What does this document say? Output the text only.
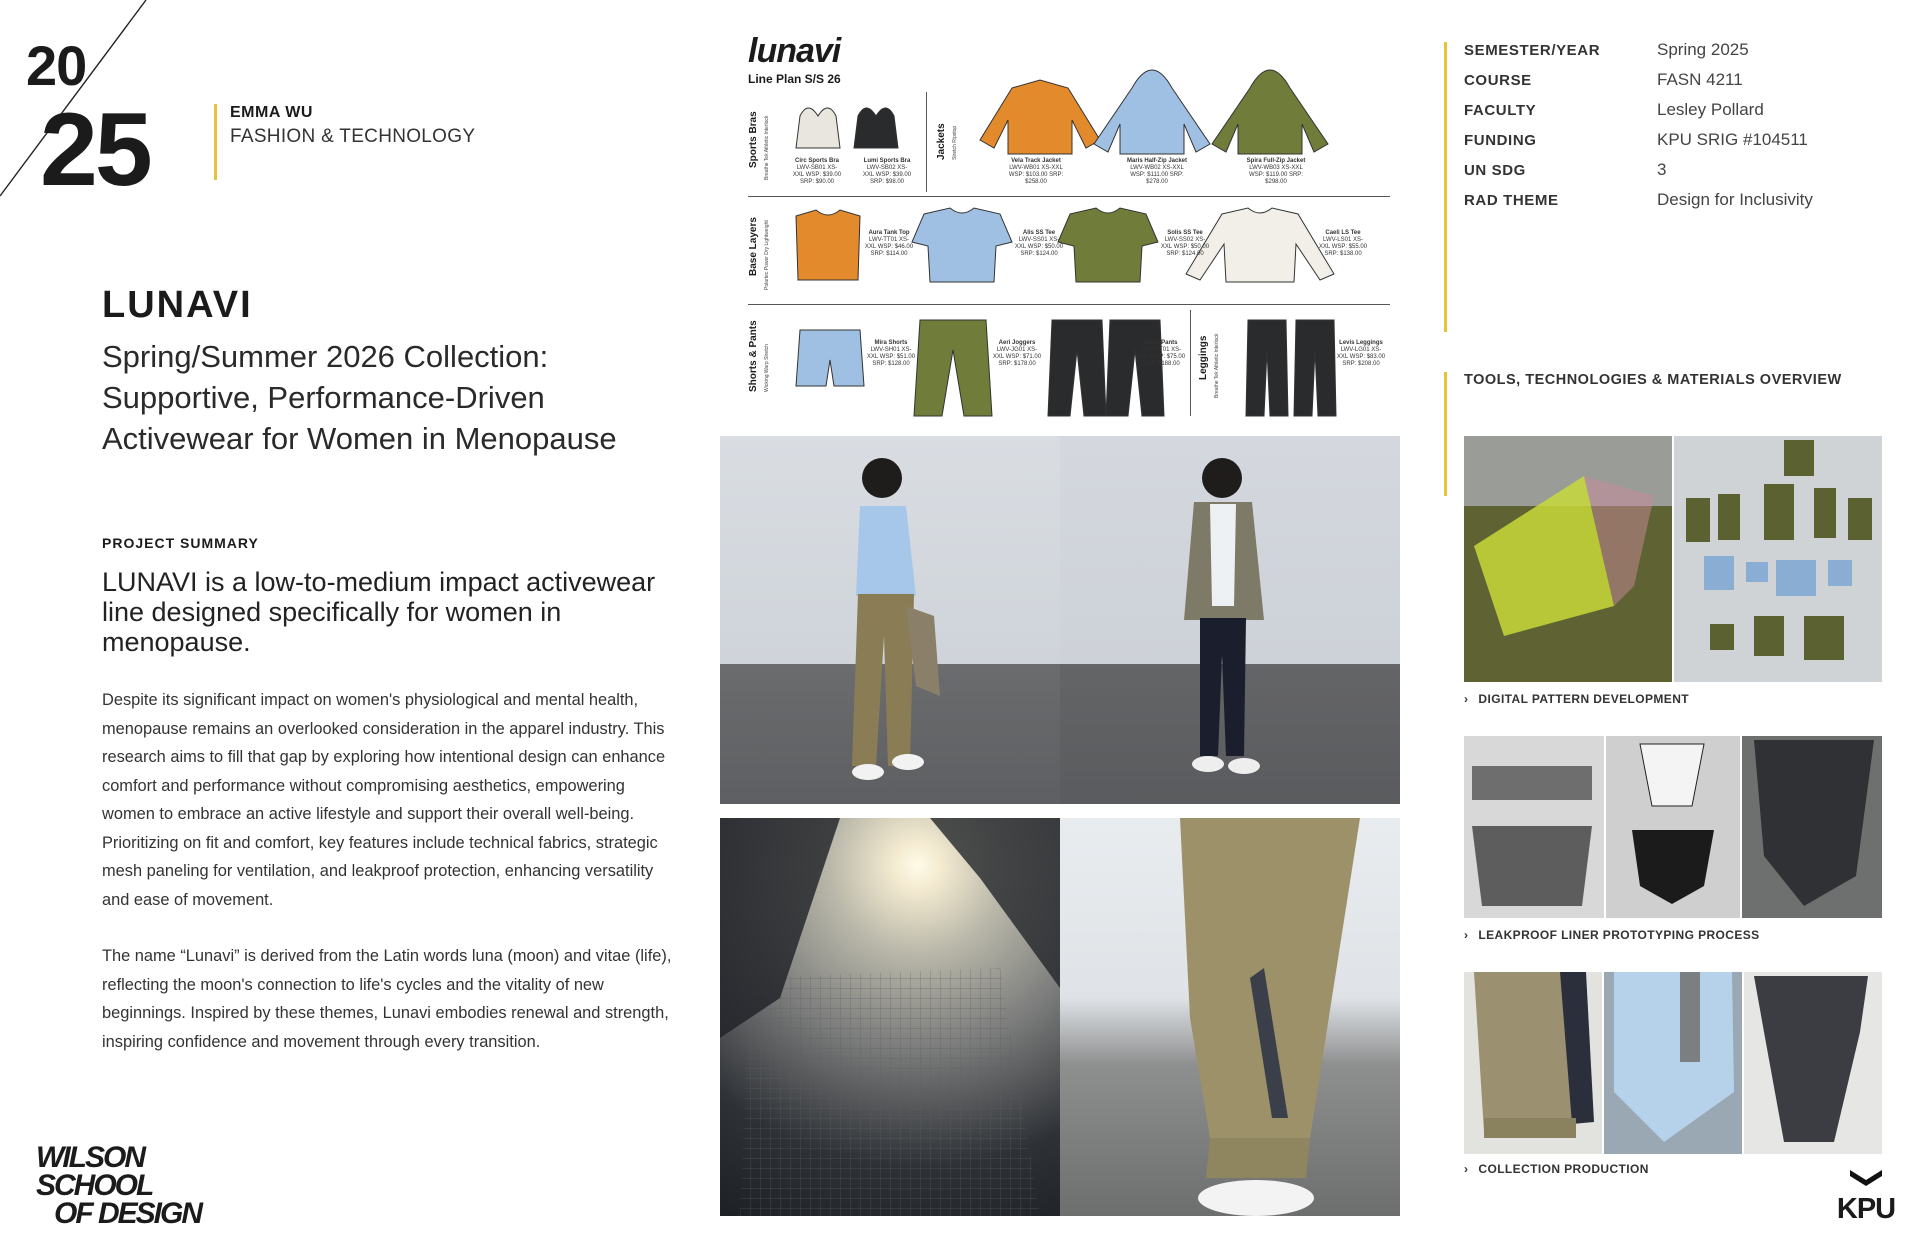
20
25	EMMA WU
FASHION & TECHNOLOGY
LUNAVI
Spring/Summer 2026 Collection: Supportive, Performance-Driven Activewear for Women in Menopause
PROJECT SUMMARY
LUNAVI is a low-to-medium impact activewear line designed specifically for women in menopause.
Despite its significant impact on women's physiological and mental health, menopause remains an overlooked consideration in the apparel industry. This research aims to fill that gap by exploring how intentional design can enhance comfort and performance without compromising aesthetics, empowering women to embrace an active lifestyle and support their overall well-being. Prioritizing on fit and comfort, key features include technical fabrics, strategic mesh paneling for ventilation, and leakproof protection, enhancing versatility and ease of movement.
The name “Lunavi” is derived from the Latin words luna (moon) and vitae (life), reflecting the moon's connection to life's cycles and the vitality of new beginnings. Inspired by these themes, Lunavi embodies renewal and strength, inspiring confidence and movement through every transition.
WILSON
SCHOOL
OF DESIGN	KPU
lunavi
Line Plan S/S 26
Sports Bras Breathe Tek Athletic Interlock	Jackets Stretch Ripstop
Base Layers Polartec Power Dry Lightweight
Shorts & Pants Wicking Warp Stretch	Leggings Breathe Tek Athletic Interlock
Circ Sports Bra
LWV-SB01 XS-XXL WSP: $39.00 SRP: $90.00
Lumi Sports Bra
LWV-SB02 XS-XXL WSP: $39.00 SRP: $98.00
Vela Track Jacket
LWV-WB01 XS-XXL WSP: $103.00 SRP: $258.00
Maris Half-Zip Jacket
LWV-WB02 XS-XXL WSP: $111.00 SRP: $278.00
Spira Full-Zip Jacket
LWV-WB03 XS-XXL WSP: $119.00 SRP: $298.00
Aura Tank Top
LWV-TT01 XS-XXL WSP: $46.00 SRP: $114.00
Alis SS Tee
LWV-SS01 XS-XXL WSP: $50.00 SRP: $124.00
Solis SS Tee
LWV-SS02 XS-XXL WSP: $50.00 SRP: $124.00
Caeli LS Tee
LWV-LS01 XS-XXL WSP: $55.00 SRP: $138.00
Mira Shorts
LWV-SH01 XS-XXL WSP: $51.00 SRP: $128.00
Aeri Joggers
LWV-JG01 XS-XXL WSP: $71.00 SRP: $178.00
Vireo Pants
LWV-PT01 XS-XXL WSP: $75.00 SRP: $188.00
Levis Leggings
LWV-LG01 XS-XXL WSP: $83.00 SRP: $208.00
SEMESTER/YEAR	Spring 2025
COURSE	FASN 4211
FACULTY	Lesley Pollard
FUNDING	KPU SRIG #104511
UN SDG	3
RAD THEME	Design for Inclusivity
TOOLS, TECHNOLOGIES & MATERIALS OVERVIEW
› DIGITAL PATTERN DEVELOPMENT
› LEAKPROOF LINER PROTOTYPING PROCESS
› COLLECTION PRODUCTION
